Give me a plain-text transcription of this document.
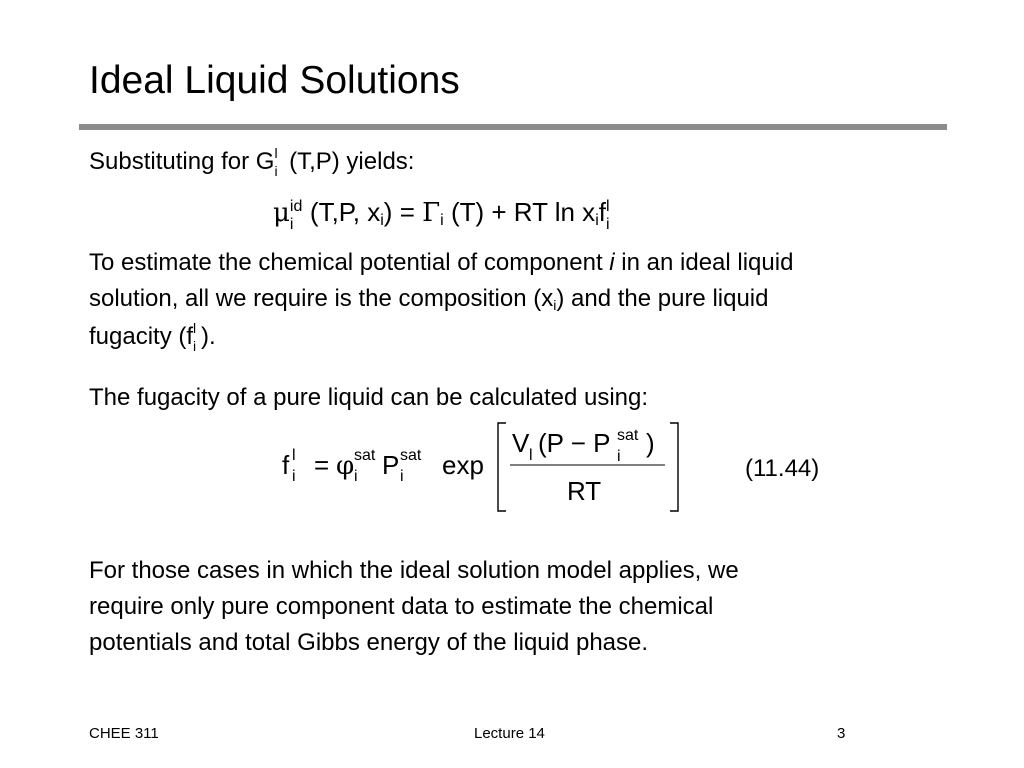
Ideal Liquid Solutions
Substituting for G l
i (T,P) yields:
μ id
i (T,P, xi) = Γi (T) + RT ln xif l
i
To estimate the chemical potential of component i in an ideal liquid
solution, all we require is the composition (xi) and the pure liquid
fugacity (f l
i ).
The fugacity of a pure liquid can be calculated using:
f l
i = φ sat
i P sat
i exp
V l (P − P sat
i )
RT
(11.44)
For those cases in which the ideal solution model applies, we
require only pure component data to estimate the chemical
potentials and total Gibbs energy of the liquid phase.
CHEE 311	Lecture 14	3
